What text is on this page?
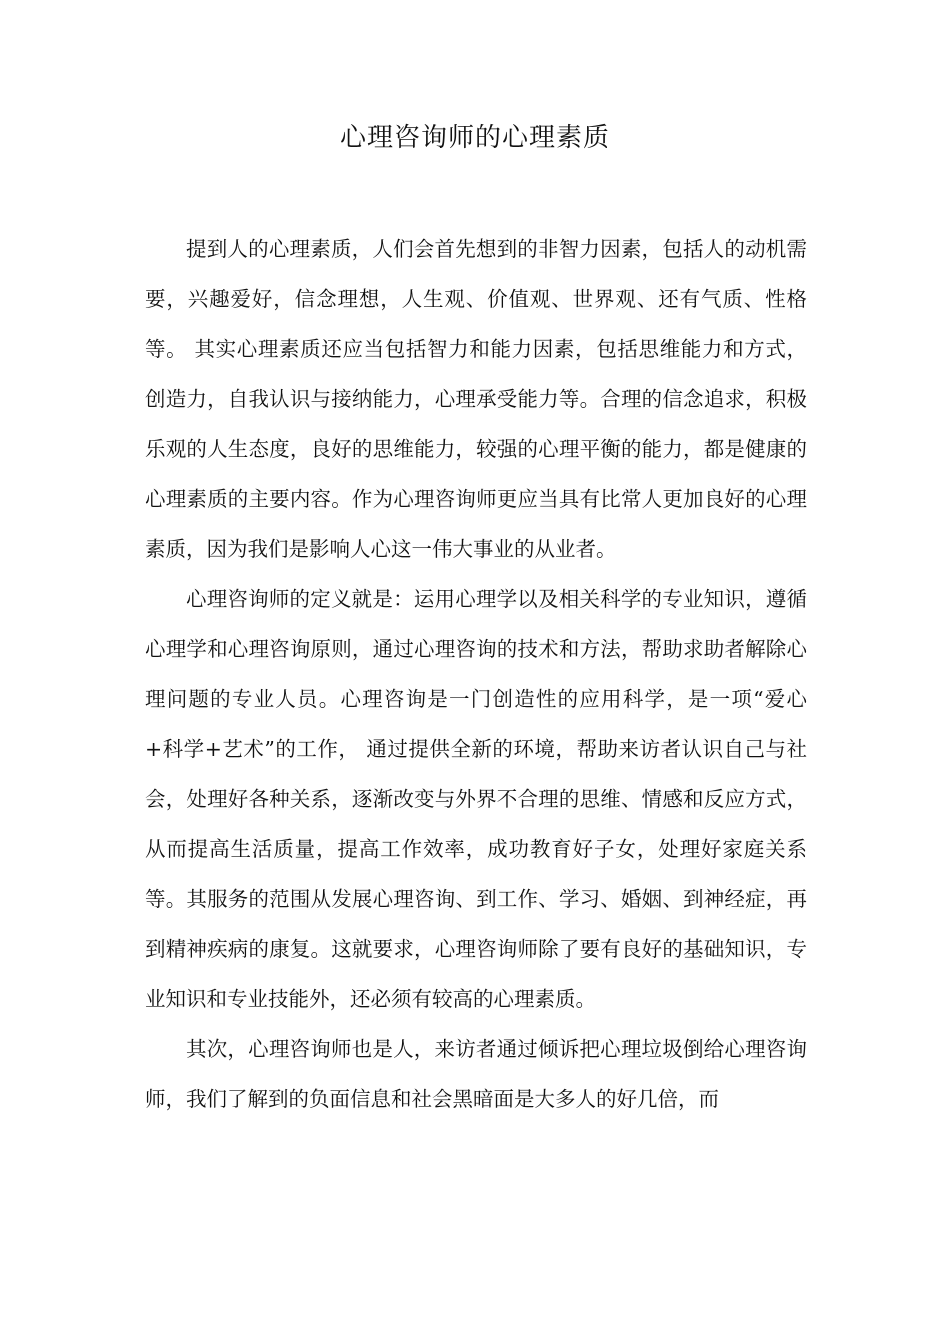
心理咨询师的心理素质

提到人的心理素质，人们会首先想到的非智力因素，包括人的动机需要，兴趣爱好，信念理想，人生观、价值观、世界观、还有气质、性格等。 其实心理素质还应当包括智力和能力因素，包括思维能力和方式，创造力，自我认识与接纳能力，心理承受能力等。合理的信念追求，积极乐观的人生态度，良好的思维能力，较强的心理平衡的能力，都是健康的心理素质的主要内容。作为心理咨询师更应当具有比常人更加良好的心理素质，因为我们是影响人心这一伟大事业的从业者。

心理咨询师的定义就是：运用心理学以及相关科学的专业知识，遵循心理学和心理咨询原则，通过心理咨询的技术和方法，帮助求助者解除心理问题的专业人员。心理咨询是一门创造性的应用科学，是一项“爱心+科学+艺术”的工作， 通过提供全新的环境，帮助来访者认识自己与社会，处理好各种关系，逐渐改变与外界不合理的思维、情感和反应方式，从而提高生活质量，提高工作效率，成功教育好子女，处理好家庭关系等。其服务的范围从发展心理咨询、到工作、学习、婚姻、到神经症，再到精神疾病的康复。这就要求，心理咨询师除了要有良好的基础知识，专业知识和专业技能外，还必须有较高的心理素质。

其次，心理咨询师也是人，来访者通过倾诉把心理垃圾倒给心理咨询师，我们了解到的负面信息和社会黑暗面是大多人的好几倍，而
